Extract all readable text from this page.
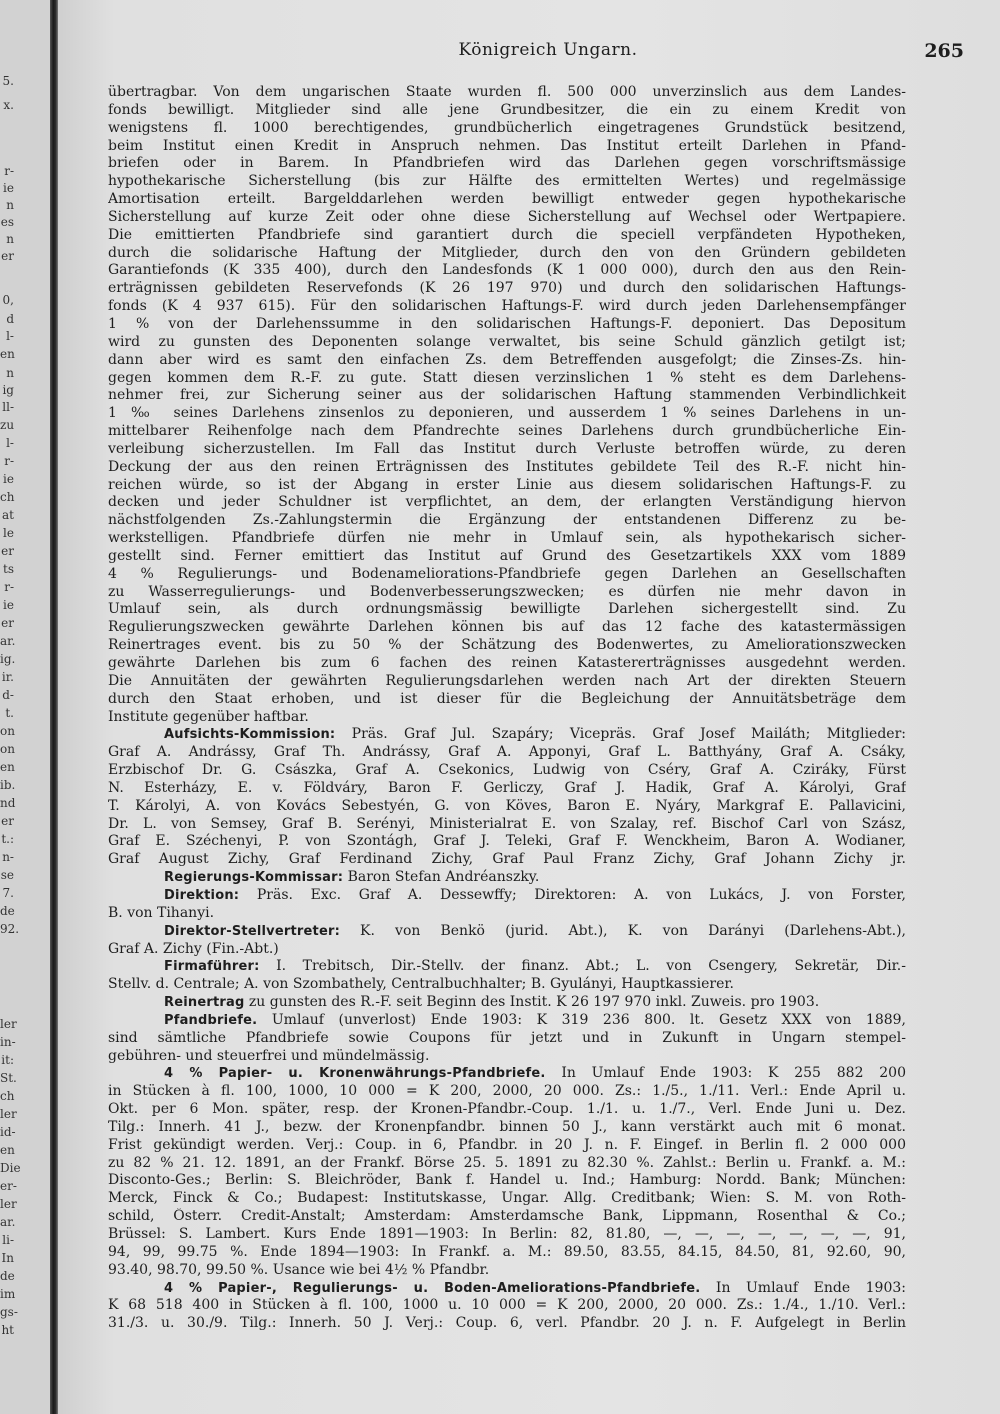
5.
x.
r-
ie
n
es
n
er
0,
d
l-
en
n
ig
ll-
zu
l-
r-
ie
ch
at
le
er
ts
r-
ie
er
ar.
ig.
ir.
d-
t.
on
on
en
ib.
nd
er
t.:
n-
se
7.
de
92.
ler
in-
it:
St.
ch
ler
id-
en
Die
er-
ler
ar.
li-
In
de
im
gs-
ht
Königreich Ungarn.	265
übertragbar. Von dem ungarischen Staate wurden fl. 500 000 unverzinslich aus dem Landes-
fonds bewilligt. Mitglieder sind alle jene Grundbesitzer, die ein zu einem Kredit von
wenigstens fl. 1000 berechtigendes, grundbücherlich eingetragenes Grundstück besitzend,
beim Institut einen Kredit in Anspruch nehmen. Das Institut erteilt Darlehen in Pfand-
briefen oder in Barem. In Pfandbriefen wird das Darlehen gegen vorschriftsmässige
hypothekarische Sicherstellung (bis zur Hälfte des ermittelten Wertes) und regelmässige
Amortisation erteilt. Bargelddarlehen werden bewilligt entweder gegen hypothekarische
Sicherstellung auf kurze Zeit oder ohne diese Sicherstellung auf Wechsel oder Wertpapiere.
Die emittierten Pfandbriefe sind garantiert durch die speciell verpfändeten Hypotheken,
durch die solidarische Haftung der Mitglieder, durch den von den Gründern gebildeten
Garantiefonds (K 335 400), durch den Landesfonds (K 1 000 000), durch den aus den Rein-
erträgnissen gebildeten Reservefonds (K 26 197 970) und durch den solidarischen Haftungs-
fonds (K 4 937 615). Für den solidarischen Haftungs-F. wird durch jeden Darlehensempfänger
1 % von der Darlehenssumme in den solidarischen Haftungs-F. deponiert. Das Depositum
wird zu gunsten des Deponenten solange verwaltet, bis seine Schuld gänzlich getilgt ist;
dann aber wird es samt den einfachen Zs. dem Betreffenden ausgefolgt; die Zinses-Zs. hin-
gegen kommen dem R.-F. zu gute. Statt diesen verzinslichen 1 % steht es dem Darlehens-
nehmer frei, zur Sicherung seiner aus der solidarischen Haftung stammenden Verbindlichkeit
1 ‰ seines Darlehens zinsenlos zu deponieren, und ausserdem 1 % seines Darlehens in un-
mittelbarer Reihenfolge nach dem Pfandrechte seines Darlehens durch grundbücherliche Ein-
verleibung sicherzustellen. Im Fall das Institut durch Verluste betroffen würde, zu deren
Deckung der aus den reinen Erträgnissen des Institutes gebildete Teil des R.-F. nicht hin-
reichen würde, so ist der Abgang in erster Linie aus diesem solidarischen Haftungs-F. zu
decken und jeder Schuldner ist verpflichtet, an dem, der erlangten Verständigung hiervon
nächstfolgenden Zs.-Zahlungstermin die Ergänzung der entstandenen Differenz zu be-
werkstelligen. Pfandbriefe dürfen nie mehr in Umlauf sein, als hypothekarisch sicher-
gestellt sind. Ferner emittiert das Institut auf Grund des Gesetzartikels XXX vom 1889
4 % Regulierungs- und Bodenameliorations-Pfandbriefe gegen Darlehen an Gesellschaften
zu Wasserregulierungs- und Bodenverbesserungszwecken; es dürfen nie mehr davon in
Umlauf sein, als durch ordnungsmässig bewilligte Darlehen sichergestellt sind. Zu
Regulierungszwecken gewährte Darlehen können bis auf das 12 fache des katastermässigen
Reinertrages event. bis zu 50 % der Schätzung des Bodenwertes, zu Ameliorationszwecken
gewährte Darlehen bis zum 6 fachen des reinen Katastererträgnisses ausgedehnt werden.
Die Annuitäten der gewährten Regulierungsdarlehen werden nach Art der direkten Steuern
durch den Staat erhoben, und ist dieser für die Begleichung der Annuitätsbeträge dem
Institute gegenüber haftbar.
Aufsichts-Kommission: Präs. Graf Jul. Szapáry; Vicepräs. Graf Josef Mailáth; Mitglieder:
Graf A. Andrássy, Graf Th. Andrássy, Graf A. Apponyi, Graf L. Batthyány, Graf A. Csáky,
Erzbischof Dr. G. Császka, Graf A. Csekonics, Ludwig von Cséry, Graf A. Cziráky, Fürst
N. Esterházy, E. v. Földváry, Baron F. Gerliczy, Graf J. Hadik, Graf A. Károlyi, Graf
T. Károlyi, A. von Kovács Sebestyén, G. von Köves, Baron E. Nyáry, Markgraf E. Pallavicini,
Dr. L. von Semsey, Graf B. Serényi, Ministerialrat E. von Szalay, ref. Bischof Carl von Szász,
Graf E. Széchenyi, P. von Szontágh, Graf J. Teleki, Graf F. Wenckheim, Baron A. Wodianer,
Graf August Zichy, Graf Ferdinand Zichy, Graf Paul Franz Zichy, Graf Johann Zichy jr.
Regierungs-Kommissar: Baron Stefan Andréanszky.
Direktion: Präs. Exc. Graf A. Dessewffy; Direktoren: A. von Lukács, J. von Forster,
B. von Tihanyi.
Direktor-Stellvertreter: K. von Benkö (jurid. Abt.), K. von Darányi (Darlehens-Abt.),
Graf A. Zichy (Fin.-Abt.)
Firmaführer: I. Trebitsch, Dir.-Stellv. der finanz. Abt.; L. von Csengery, Sekretär, Dir.-
Stellv. d. Centrale; A. von Szombathely, Centralbuchhalter; B. Gyulányi, Hauptkassierer.
Reinertrag zu gunsten des R.-F. seit Beginn des Instit. K 26 197 970 inkl. Zuweis. pro 1903.
Pfandbriefe. Umlauf (unverlost) Ende 1903: K 319 236 800. lt. Gesetz XXX von 1889,
sind sämtliche Pfandbriefe sowie Coupons für jetzt und in Zukunft in Ungarn stempel-
gebühren- und steuerfrei und mündelmässig.
4 % Papier- u. Kronenwährungs-Pfandbriefe. In Umlauf Ende 1903: K 255 882 200
in Stücken à fl. 100, 1000, 10 000 = K 200, 2000, 20 000. Zs.: 1./5., 1./11. Verl.: Ende April u.
Okt. per 6 Mon. später, resp. der Kronen-Pfandbr.-Coup. 1./1. u. 1./7., Verl. Ende Juni u. Dez.
Tilg.: Innerh. 41 J., bezw. der Kronenpfandbr. binnen 50 J., kann verstärkt auch mit 6 monat.
Frist gekündigt werden. Verj.: Coup. in 6, Pfandbr. in 20 J. n. F. Eingef. in Berlin fl. 2 000 000
zu 82 % 21. 12. 1891, an der Frankf. Börse 25. 5. 1891 zu 82.30 %. Zahlst.: Berlin u. Frankf. a. M.:
Disconto-Ges.; Berlin: S. Bleichröder, Bank f. Handel u. Ind.; Hamburg: Nordd. Bank; München:
Merck, Finck & Co.; Budapest: Institutskasse, Ungar. Allg. Creditbank; Wien: S. M. von Roth-
schild, Österr. Credit-Anstalt; Amsterdam: Amsterdamsche Bank, Lippmann, Rosenthal & Co.;
Brüssel: S. Lambert. Kurs Ende 1891—1903: In Berlin: 82, 81.80, —, —, —, —, —, —, —, 91,
94, 99, 99.75 %. Ende 1894—1903: In Frankf. a. M.: 89.50, 83.55, 84.15, 84.50, 81, 92.60, 90,
93.40, 98.70, 99.50 %. Usance wie bei 4½ % Pfandbr.
4 % Papier-, Regulierungs- u. Boden-Ameliorations-Pfandbriefe. In Umlauf Ende 1903:
K 68 518 400 in Stücken à fl. 100, 1000 u. 10 000 = K 200, 2000, 20 000. Zs.: 1./4., 1./10. Verl.:
31./3. u. 30./9. Tilg.: Innerh. 50 J. Verj.: Coup. 6, verl. Pfandbr. 20 J. n. F. Aufgelegt in Berlin
